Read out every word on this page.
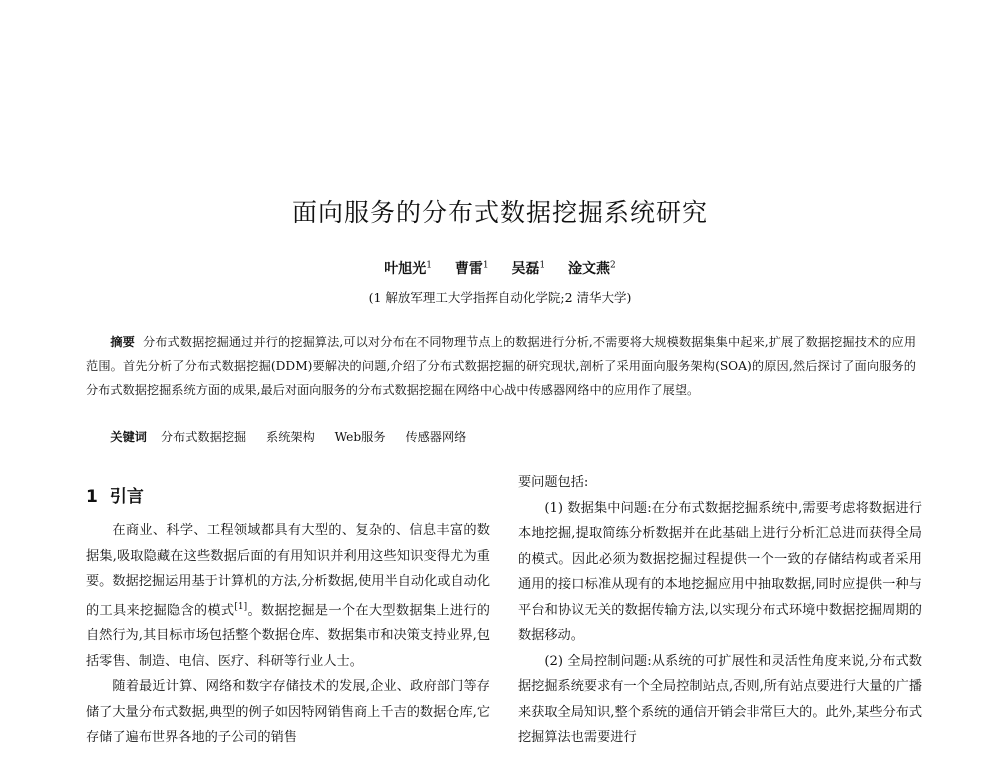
面向服务的分布式数据挖掘系统研究
叶旭光$^1$ 曹雷$^1$ 吴磊$^1$ 淦文燕$^2$
(1 解放军理工大学指挥自动化学院;2 清华大学)
摘要 分布式数据挖掘通过并行的挖掘算法,可以对分布在不同物理节点上的数据进行分析,不需要将大规模数据集集中起来,扩展了数据挖掘技术的应用范围。首先分析了分布式数据挖掘(DDM)要解决的问题,介绍了分布式数据挖掘的研究现状,剖析了采用面向服务架构(SOA)的原因,然后探讨了面向服务的分布式数据挖掘系统方面的成果,最后对面向服务的分布式数据挖掘在网络中心战中传感器网络中的应用作了展望。
关键词 分布式数据挖掘 系统架构 Web服务 传感器网络
1 引言

在商业、科学、工程领域都具有大型的、复杂的、信息丰富的数据集,吸取隐藏在这些数据后面的有用知识并利用这些知识变得尤为重要。数据挖掘运用基于计算机的方法,分析数据,使用半自动化或自动化的工具来挖掘隐含的模式[1]。数据挖掘是一个在大型数据集上进行的自然行为,其目标市场包括整个数据仓库、数据集市和决策支持业界,包括零售、制造、电信、医疗、科研等行业人士。

随着最近计算、网络和数字存储技术的发展,企业、政府部门等存储了大量分布式数据,典型的例子如因特网销售商上千吉的数据仓库,它存储了遍布世界各地的子公司的销售

要问题包括:

(1) 数据集中问题:在分布式数据挖掘系统中,需要考虑将数据进行本地挖掘,提取简练分析数据并在此基础上进行分析汇总进而获得全局的模式。因此必须为数据挖掘过程提供一个一致的存储结构或者采用通用的接口标准从现有的本地挖掘应用中抽取数据,同时应提供一种与平台和协议无关的数据传输方法,以实现分布式环境中数据挖掘周期的数据移动。

(2) 全局控制问题:从系统的可扩展性和灵活性角度来说,分布式数据挖掘系统要求有一个全局控制站点,否则,所有站点要进行大量的广播来获取全局知识,整个系统的通信开销会非常巨大的。此外,某些分布式挖掘算法也需要进行
